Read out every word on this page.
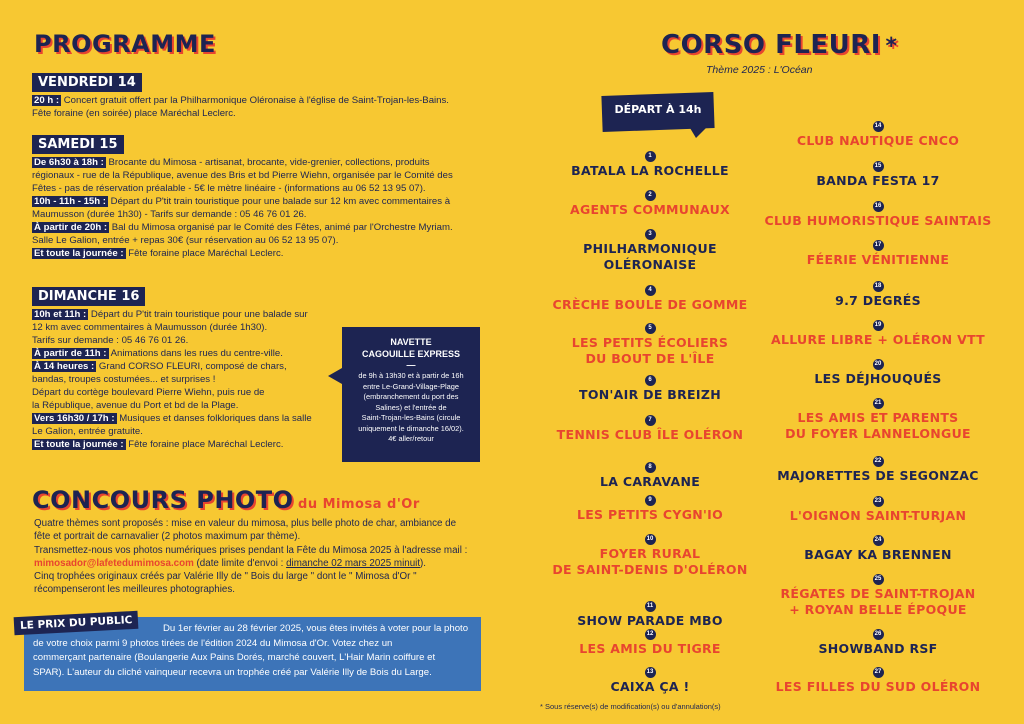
PROGRAMME
VENDREDI 14
20 h : Concert gratuit offert par la Philharmonique Oléronaise à l'église de Saint-Trojan-les-Bains.
Fête foraine (en soirée) place Maréchal Leclerc.
SAMEDI 15
De 6h30 à 18h : Brocante du Mimosa - artisanat, brocante, vide-grenier, collections, produits
régionaux - rue de la République, avenue des Bris et bd Pierre Wiehn, organisée par le Comité des
Fêtes - pas de réservation préalable - 5€ le mètre linéaire - (informations au 06 52 13 95 07).
10h - 11h - 15h : Départ du P'tit train touristique pour une balade sur 12 km avec commentaires à
Maumusson (durée 1h30) - Tarifs sur demande : 05 46 76 01 26.
À partir de 20h : Bal du Mimosa organisé par le Comité des Fêtes, animé par l'Orchestre Myriam.
Salle Le Galion, entrée + repas 30€ (sur réservation au 06 52 13 95 07).
Et toute la journée : Fête foraine place Maréchal Leclerc.
DIMANCHE 16
10h et 11h : Départ du P'tit train touristique pour une balade sur
12 km avec commentaires à Maumusson (durée 1h30).
Tarifs sur demande : 05 46 76 01 26.
À partir de 11h : Animations dans les rues du centre-ville.
À 14 heures : Grand CORSO FLEURI, composé de chars,
bandas, troupes costumées... et surprises !
Départ du cortège boulevard Pierre Wiehn, puis rue de
la République, avenue du Port et bd de la Plage.
Vers 16h30 / 17h : Musiques et danses folkloriques dans la salle
Le Galion, entrée gratuite.
Et toute la journée : Fête foraine place Maréchal Leclerc.
NAVETTE
CAGOUILLE EXPRESS
—
de 9h à 13h30 et à partir de 16h
entre Le-Grand-Village-Plage
(embranchement du port des
Salines) et l'entrée de
Saint-Trojan-les-Bains (circule
uniquement le dimanche 16/02).
4€ aller/retour
CONCOURS PHOTO du Mimosa d'Or
Quatre thèmes sont proposés : mise en valeur du mimosa, plus belle photo de char, ambiance de
fête et portrait de carnavalier (2 photos maximum par thème).
Transmettez-nous vos photos numériques prises pendant la Fête du Mimosa 2025 à l'adresse mail :
mimosador@lafetedumimosa.com (date limite d'envoi : dimanche 02 mars 2025 minuit).
Cinq trophées originaux créés par Valérie Illy de " Bois du large " dont le " Mimosa d'Or "
récompenseront les meilleures photographies.
LE PRIX DU PUBLIC	Du 1er février au 28 février 2025, vous êtes invités à voter pour la photo
de votre choix parmi 9 photos tirées de l'édition 2024 du Mimosa d'Or. Votez chez un
commerçant partenaire (Boulangerie Aux Pains Dorés, marché couvert, L'Hair Marin coiffure et
SPAR). L'auteur du cliché vainqueur recevra un trophée créé par Valérie Illy de Bois du Large.
CORSO FLEURI *
Thème 2025 : L'Océan
DÉPART À 14h
1
BATALA LA ROCHELLE
2
AGENTS COMMUNAUX
3
PHILHARMONIQUE
OLÉRONAISE
4
CRÈCHE BOULE DE GOMME
5
LES PETITS ÉCOLIERS
DU BOUT DE L'ÎLE
6
TON'AIR DE BREIZH
7
TENNIS CLUB ÎLE OLÉRON
8
LA CARAVANE
9
LES PETITS CYGN'IO
10
FOYER RURAL
DE SAINT-DENIS D'OLÉRON
11
SHOW PARADE MBO
12
LES AMIS DU TIGRE
13
CAIXA ÇA !
14
CLUB NAUTIQUE CNCO
15
BANDA FESTA 17
16
CLUB HUMORISTIQUE SAINTAIS
17
FÉERIE VÉNITIENNE
18
9.7 DEGRÉS
19
ALLURE LIBRE + OLÉRON VTT
20
LES DÉJHOUQUÉS
21
LES AMIS ET PARENTS
DU FOYER LANNELONGUE
22
MAJORETTES DE SEGONZAC
23
L'OIGNON SAINT-TURJAN
24
BAGAY KA BRENNEN
25
RÉGATES DE SAINT-TROJAN
+ ROYAN BELLE ÉPOQUE
26
SHOWBAND RSF
27
LES FILLES DU SUD OLÉRON
* Sous réserve(s) de modification(s) ou d'annulation(s)
